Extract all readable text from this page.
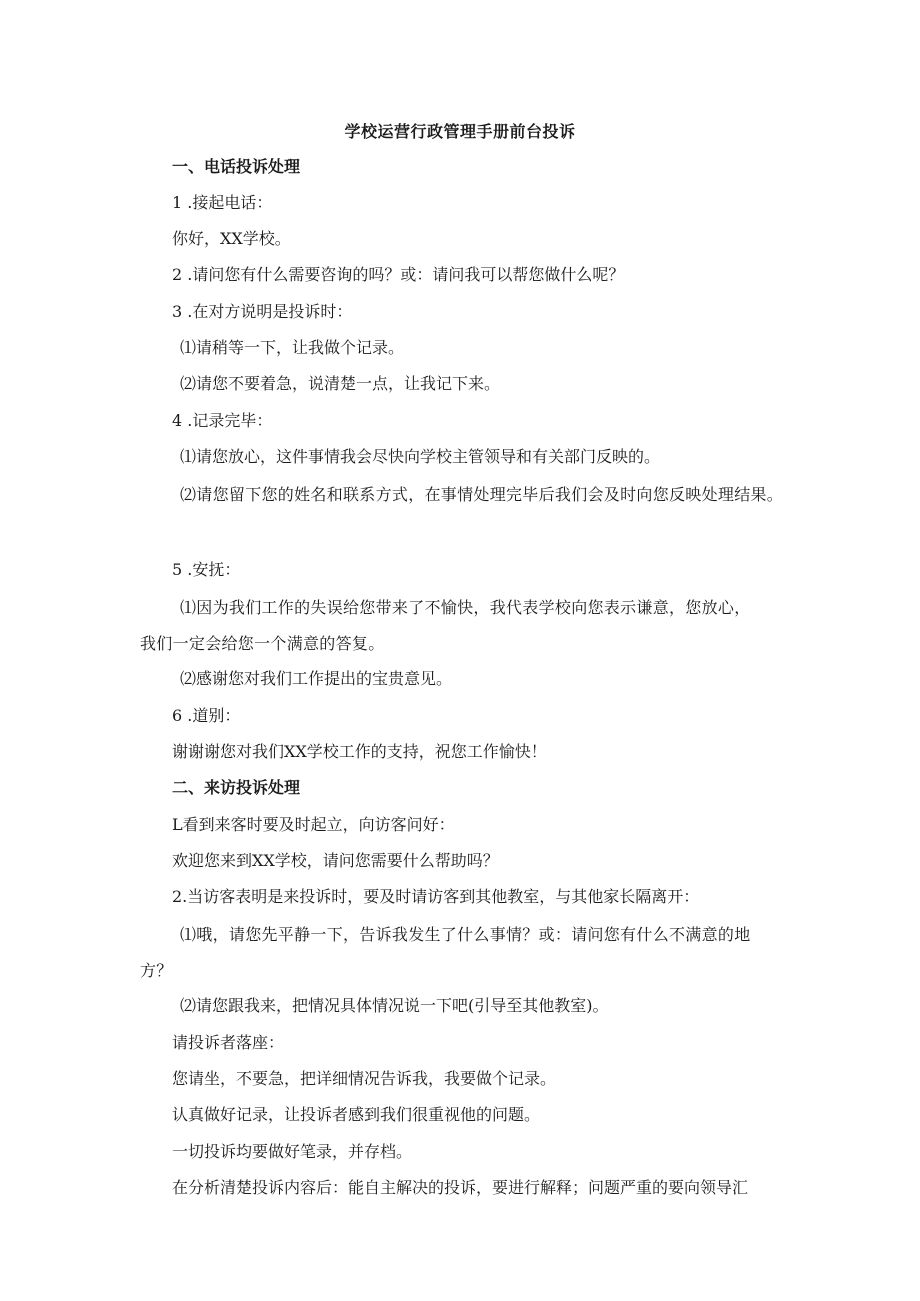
学校运营行政管理手册前台投诉
一、电话投诉处理
1 .接起电话：
你好，XX学校。
2 .请问您有什么需要咨询的吗？或：请问我可以帮您做什么呢？
3 .在对方说明是投诉时：
⑴请稍等一下，让我做个记录。
⑵请您不要着急，说清楚一点，让我记下来。
4 .记录完毕：
⑴请您放心，这件事情我会尽快向学校主管领导和有关部门反映的。
⑵请您留下您的姓名和联系方式，在事情处理完毕后我们会及时向您反映处理结果。
5 .安抚：
⑴因为我们工作的失误给您带来了不愉快，我代表学校向您表示谦意，您放心，我们一定会给您一个满意的答复。
⑵感谢您对我们工作提出的宝贵意见。
6 .道别：
谢谢谢您对我们XX学校工作的支持，祝您工作愉快！
二、来访投诉处理
L看到来客时要及时起立，向访客问好：
欢迎您来到XX学校，请问您需要什么帮助吗？
2.当访客表明是来投诉时，要及时请访客到其他教室，与其他家长隔离开：
⑴哦，请您先平静一下，告诉我发生了什么事情？或：请问您有什么不满意的地方？
⑵请您跟我来，把情况具体情况说一下吧(引导至其他教室)。
请投诉者落座：
您请坐，不要急，把详细情况告诉我，我要做个记录。
认真做好记录，让投诉者感到我们很重视他的问题。
一切投诉均要做好笔录，并存档。
在分析清楚投诉内容后：能自主解决的投诉，要进行解释；问题严重的要向领导汇
